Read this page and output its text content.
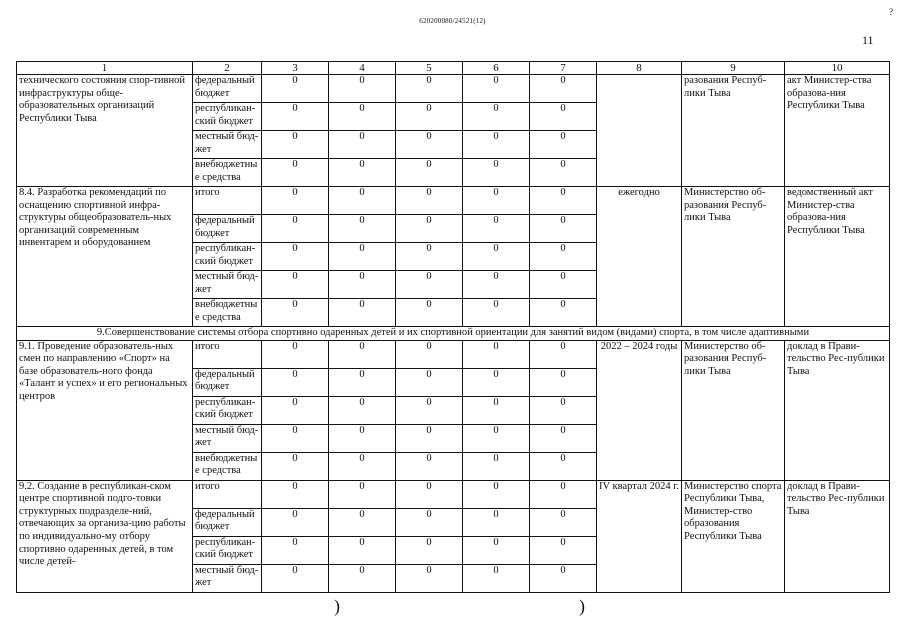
620200080/24521(12)
?
11
1	2	3	4	5	6	7	8	9	10
технического состояния спор-тивной инфраструктуры обще-образовательных организаций Республики Тыва	федеральный бюджет	0	0	0	0	0		разования Респуб-лики Тыва	акт Министер-ства образова-ния Республики Тыва
	республикан-ский бюджет	0	0	0	0	0			
	местный бюд-жет	0	0	0	0	0			
	внебюджетные средства	0	0	0	0	0			
8.4. Разработка рекомендаций по оснащению спортивной инфра-структуры общеобразователь-ных организаций современным инвентарем и оборудованием	итого	0	0	0	0	0	ежегодно	Министерство об-разования Респуб-лики Тыва	ведомственный акт Министер-ства образова-ния Республики Тыва
	федеральный бюджет	0	0	0	0	0			
	республикан-ский бюджет	0	0	0	0	0			
	местный бюд-жет	0	0	0	0	0			
	внебюджетные средства	0	0	0	0	0			
9.Совершенствование системы отбора спортивно одаренных детей и их спортивной ориентации для занятий видом (видами) спорта, в том числе адаптивными									
9.1. Проведение образователь-ных смен по направлению «Спорт» на базе образователь-ного фонда «Талант и успех» и его региональных центров	итого	0	0	0	0	0	2022 – 2024 годы	Министерство об-разования Респуб-лики Тыва	доклад в Прави-тельство Рес-публики Тыва
	федеральный бюджет	0	0	0	0	0			
	республикан-ский бюджет	0	0	0	0	0			
	местный бюд-жет	0	0	0	0	0			
	внебюджетные средства	0	0	0	0	0			
9.2. Создание в республикан-ском центре спортивной подго-товки структурных подразделе-ний, отвечающих за организа-цию работы по индивидуально-му отбору спортивно одаренных детей, в том числе детей-	итого	0	0	0	0	0	IV квартал 2024 г.	Министерство спорта Республики Тыва, Министер-ство образования Республики Тыва	доклад в Прави-тельство Рес-публики Тыва
	федеральный бюджет	0	0	0	0	0			
	республикан-ский бюджет	0	0	0	0	0			
	местный бюд-жет	0	0	0	0	0			
)	)
